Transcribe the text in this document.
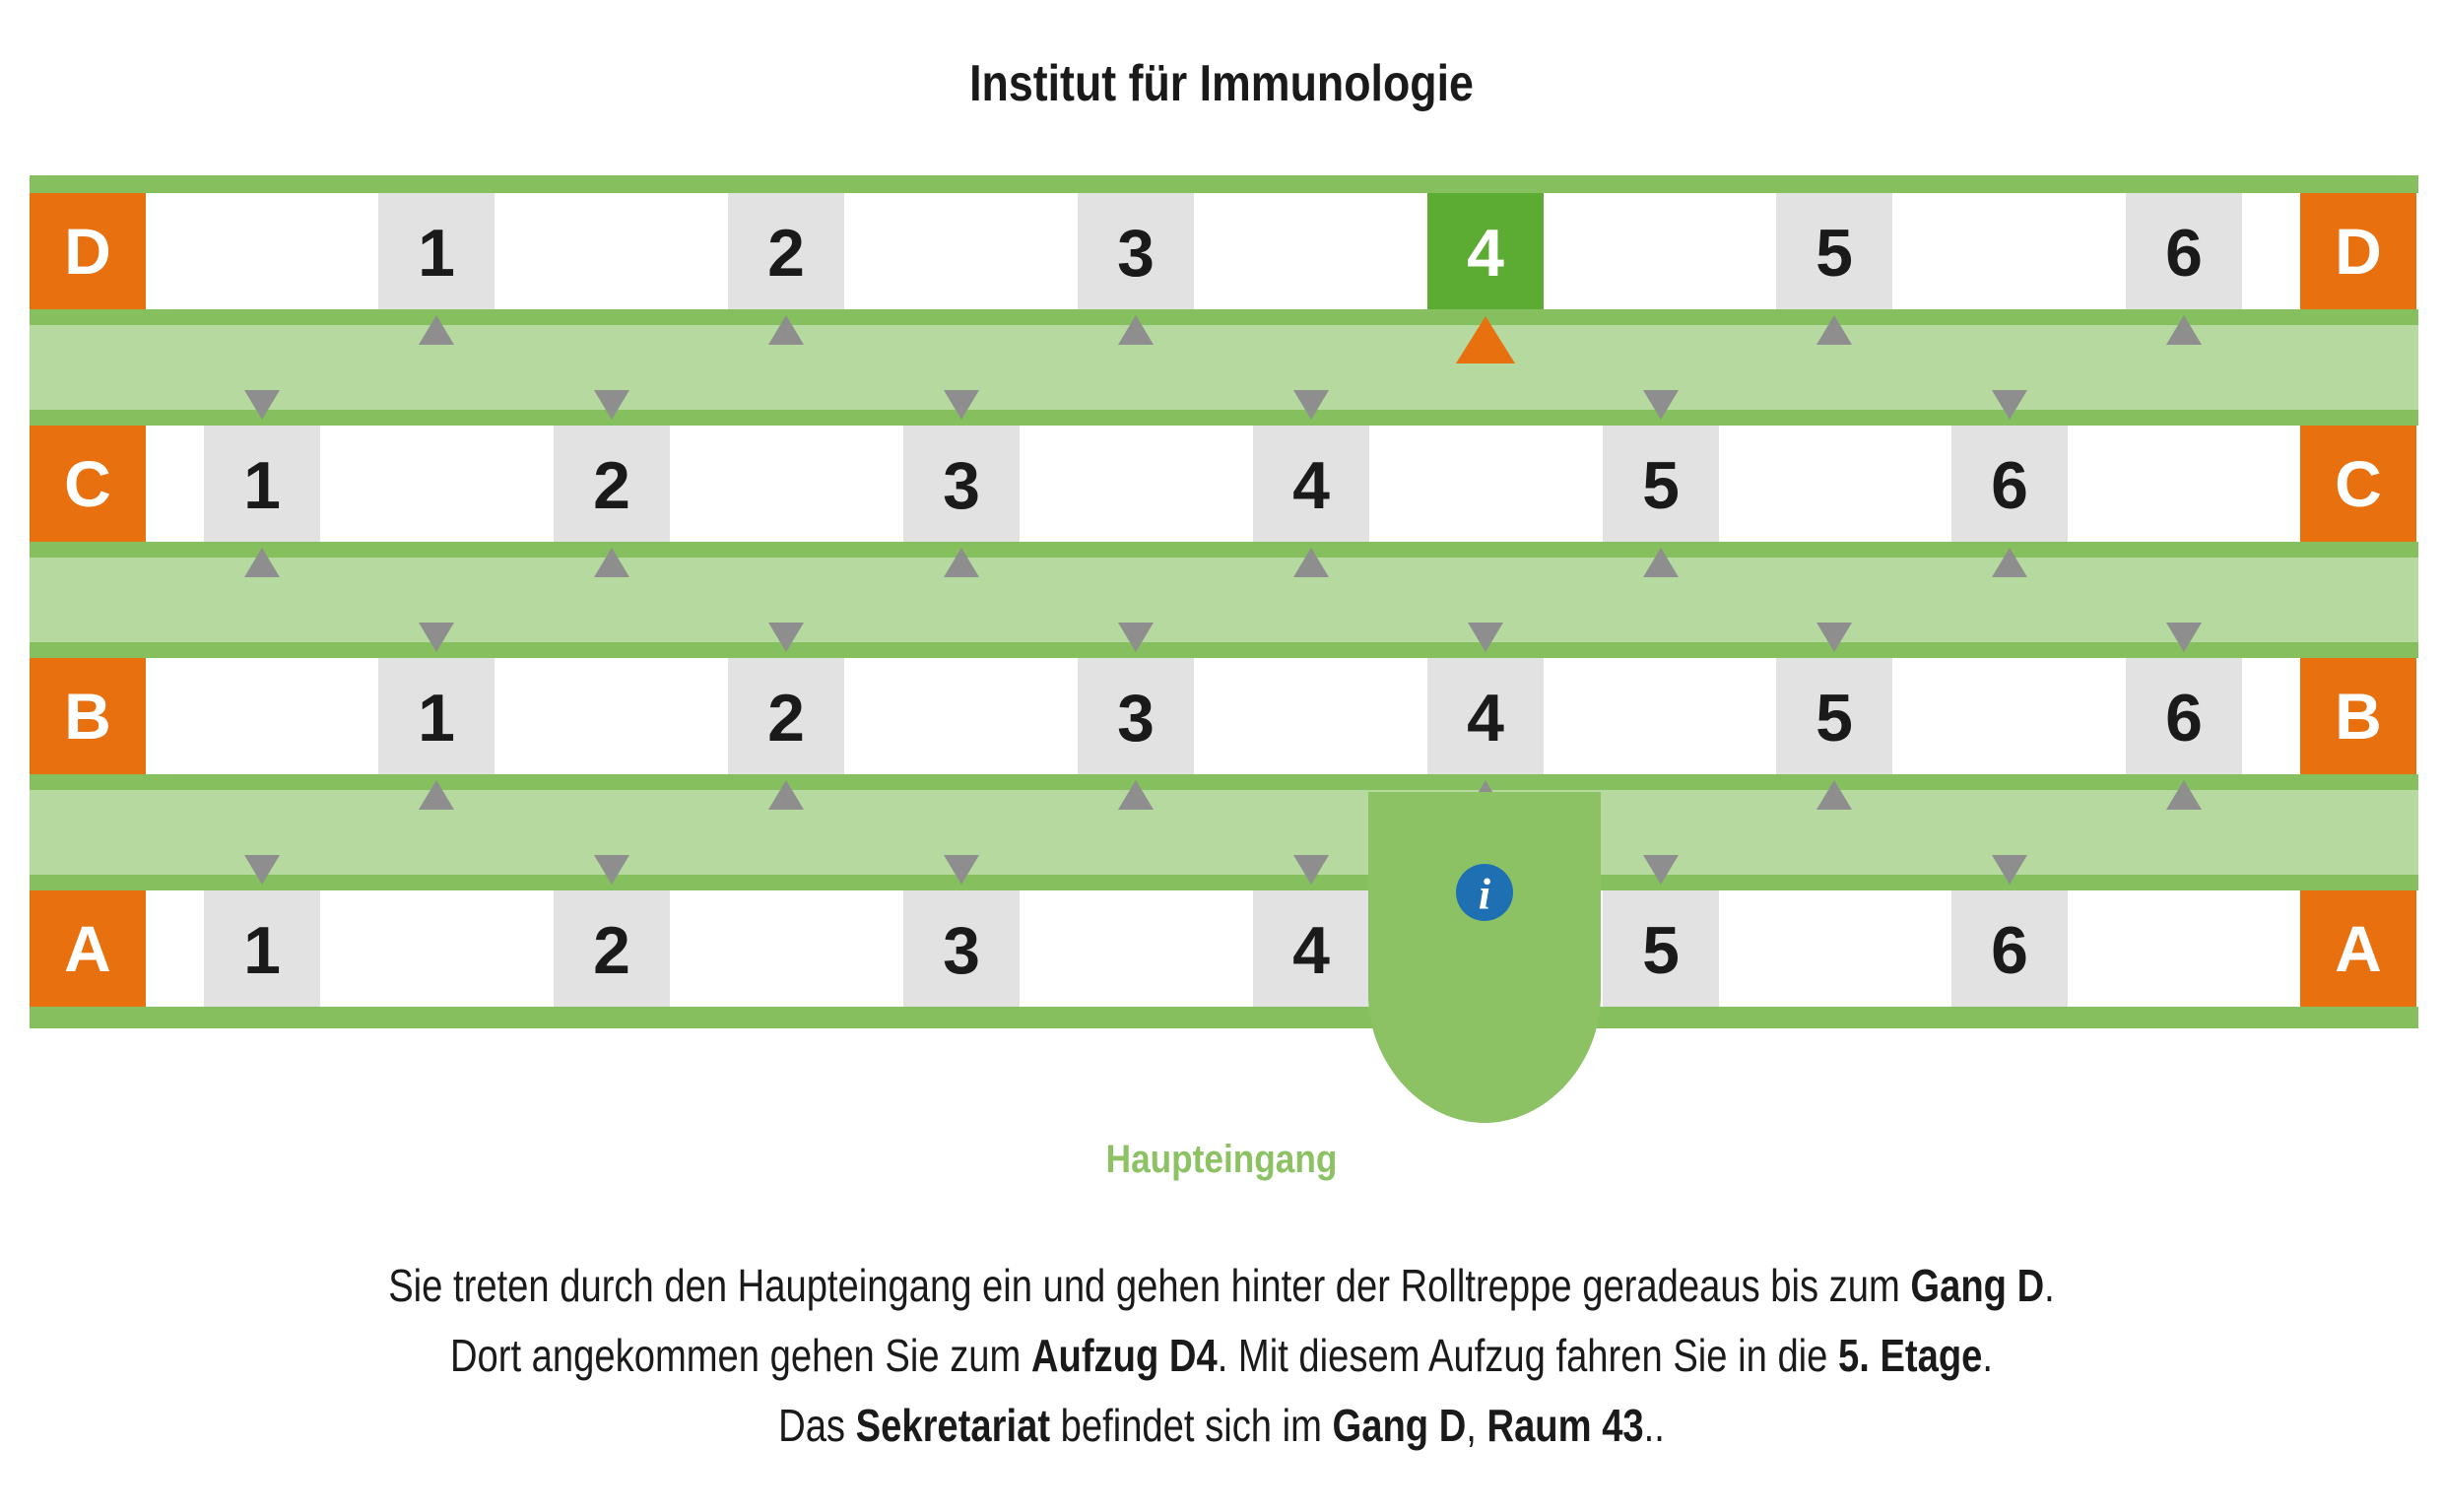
Institut für Immunologie
D	D
1	2	3	4	5	6
C	C
1	2	3	4	5	6
B	B
1	2	3	4	5	6
A	A
1	2	3	4	5	6
i
Haupteingang
Sie treten durch den Haupteingang ein und gehen hinter der Rolltreppe geradeaus bis zum Gang D.
Dort angekommen gehen Sie zum Aufzug D4. Mit diesem Aufzug fahren Sie in die 5. Etage.
Das Sekretariat befindet sich im Gang D, Raum 43..
